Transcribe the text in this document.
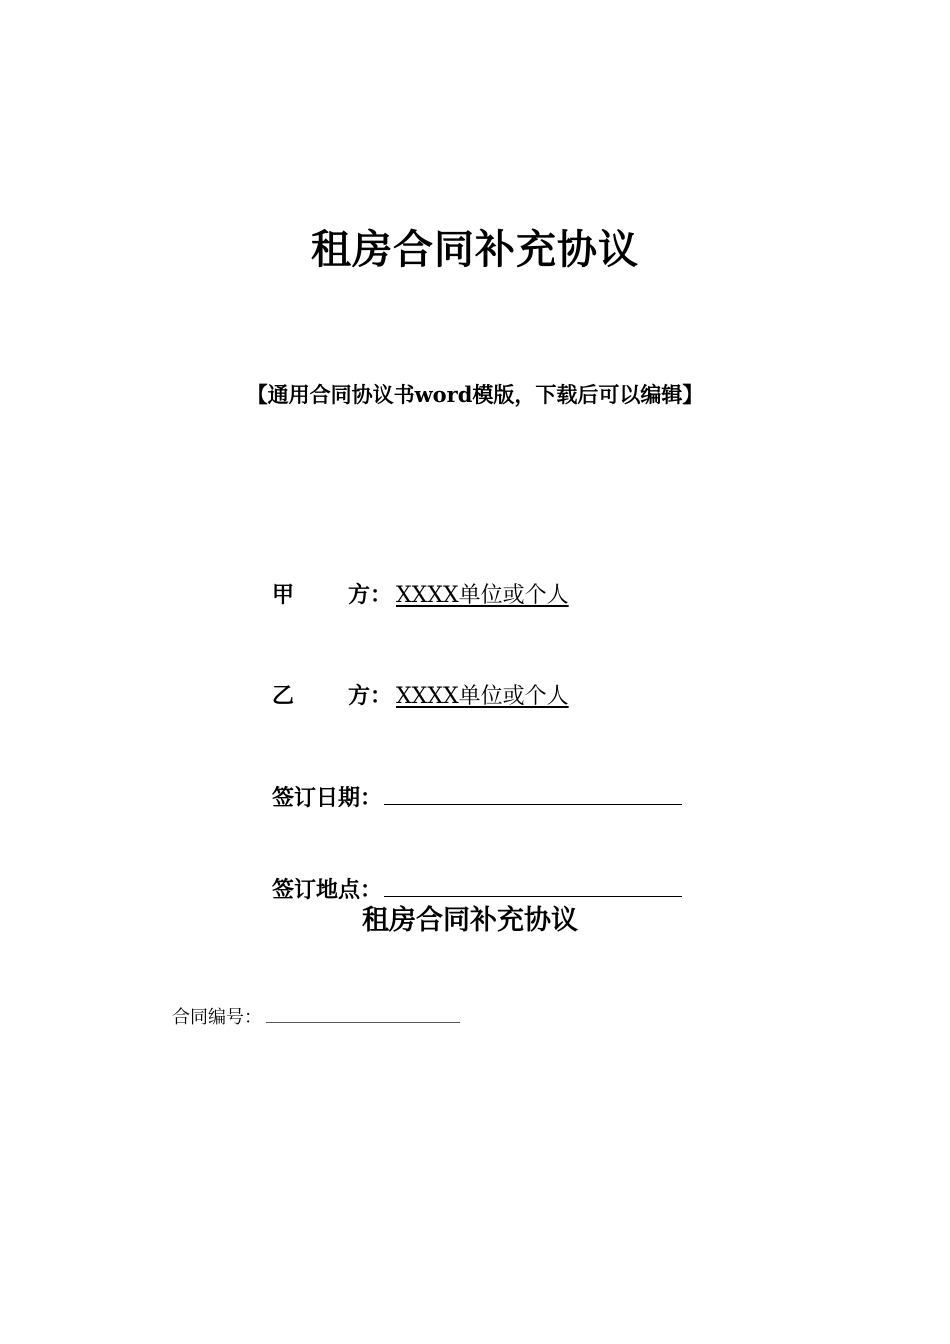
租房合同补充协议
【通用合同协议书word模版，下载后可以编辑】
甲 方： XXXX单位或个人
乙 方： XXXX单位或个人
签订日期：
签订地点：
租房合同补充协议
合同编号：
